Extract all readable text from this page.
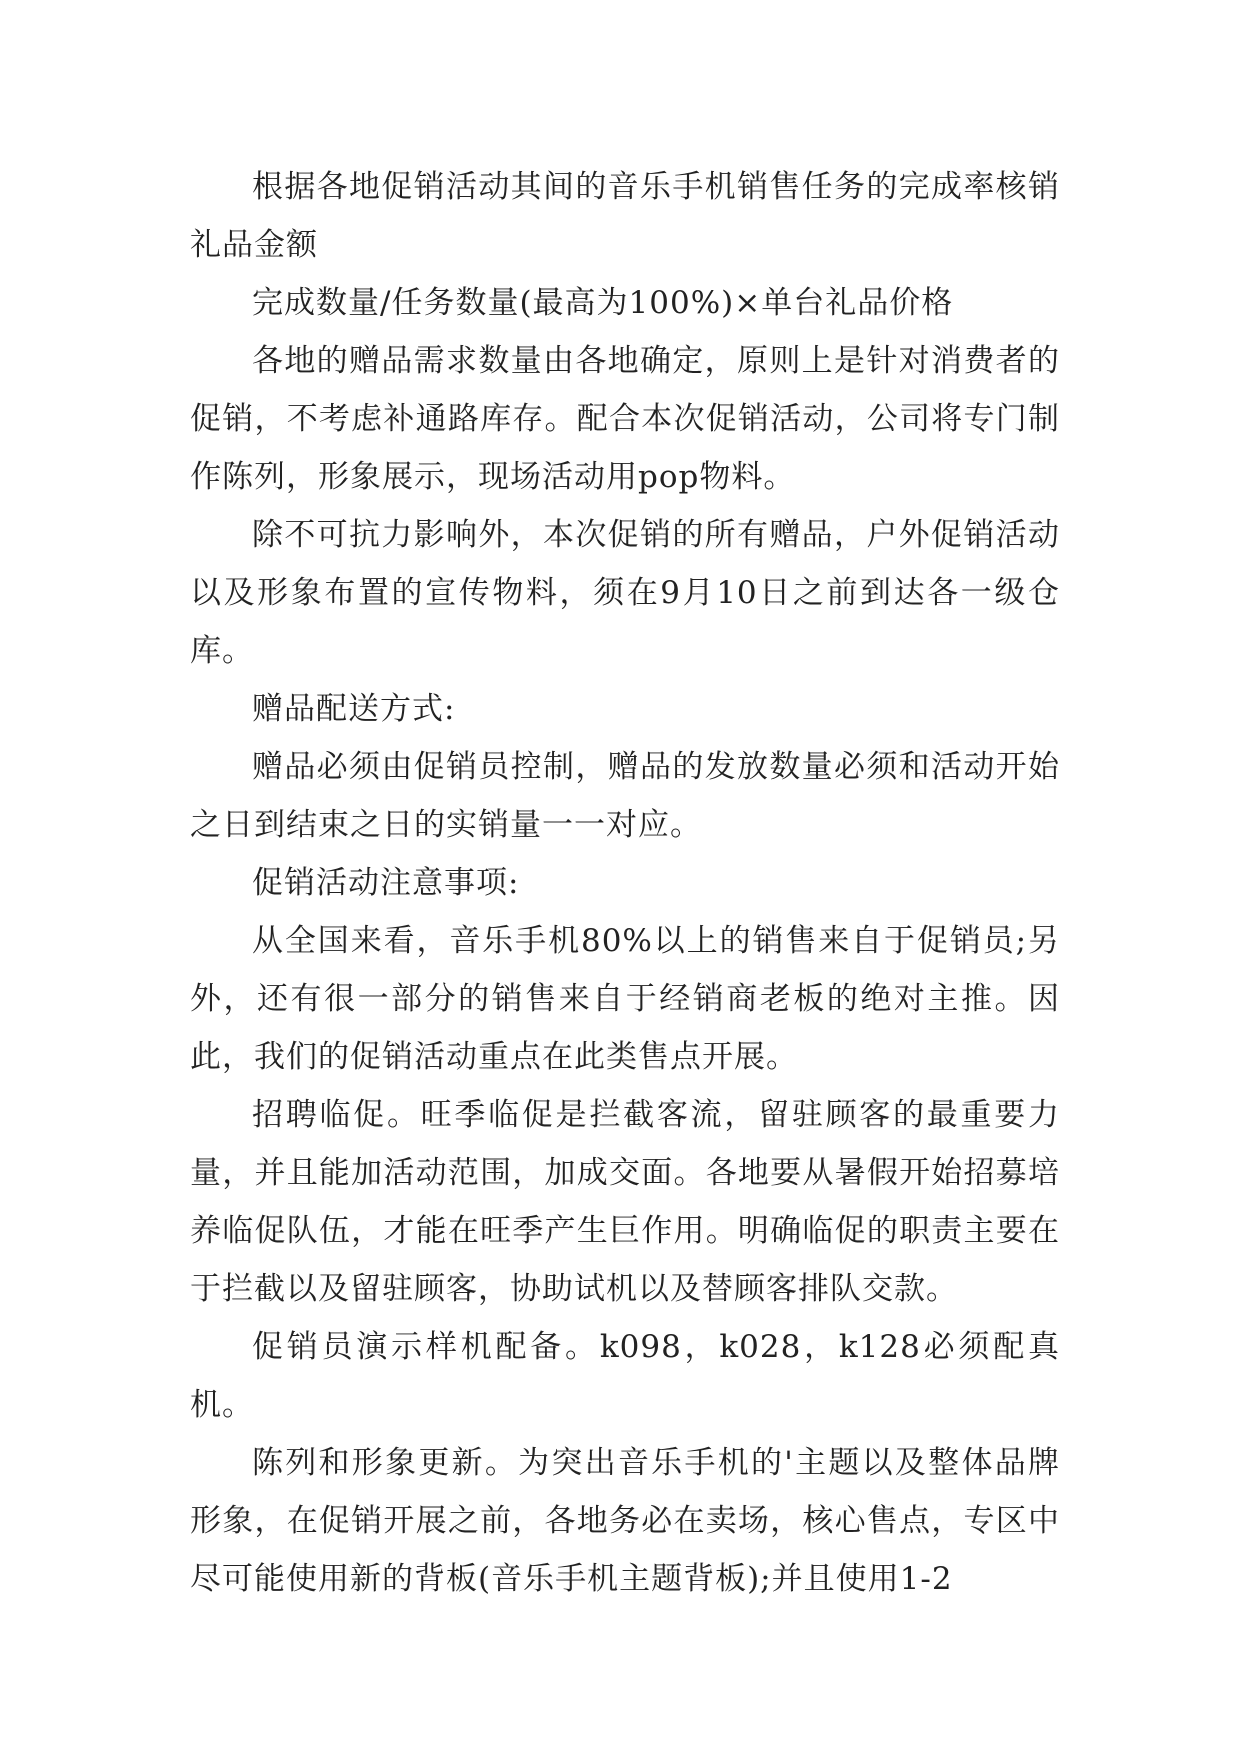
根据各地促销活动其间的音乐手机销售任务的完成率核销礼品金额

完成数量/任务数量(最高为100%)×单台礼品价格

各地的赠品需求数量由各地确定，原则上是针对消费者的促销，不考虑补通路库存。配合本次促销活动，公司将专门制作陈列，形象展示，现场活动用pop物料。

除不可抗力影响外，本次促销的所有赠品，户外促销活动以及形象布置的宣传物料，须在9月10日之前到达各一级仓库。

赠品配送方式:

赠品必须由促销员控制，赠品的发放数量必须和活动开始之日到结束之日的实销量一一对应。

促销活动注意事项:

从全国来看，音乐手机80%以上的销售来自于促销员;另外，还有很一部分的销售来自于经销商老板的绝对主推。因此，我们的促销活动重点在此类售点开展。

招聘临促。旺季临促是拦截客流，留驻顾客的最重要力量，并且能加活动范围，加成交面。各地要从暑假开始招募培养临促队伍，才能在旺季产生巨作用。明确临促的职责主要在于拦截以及留驻顾客，协助试机以及替顾客排队交款。

促销员演示样机配备。k098，k028，k128必须配真机。

陈列和形象更新。为突出音乐手机的'主题以及整体品牌形象，在促销开展之前，各地务必在卖场，核心售点，专区中尽可能使用新的背板(音乐手机主题背板);并且使用1-2
